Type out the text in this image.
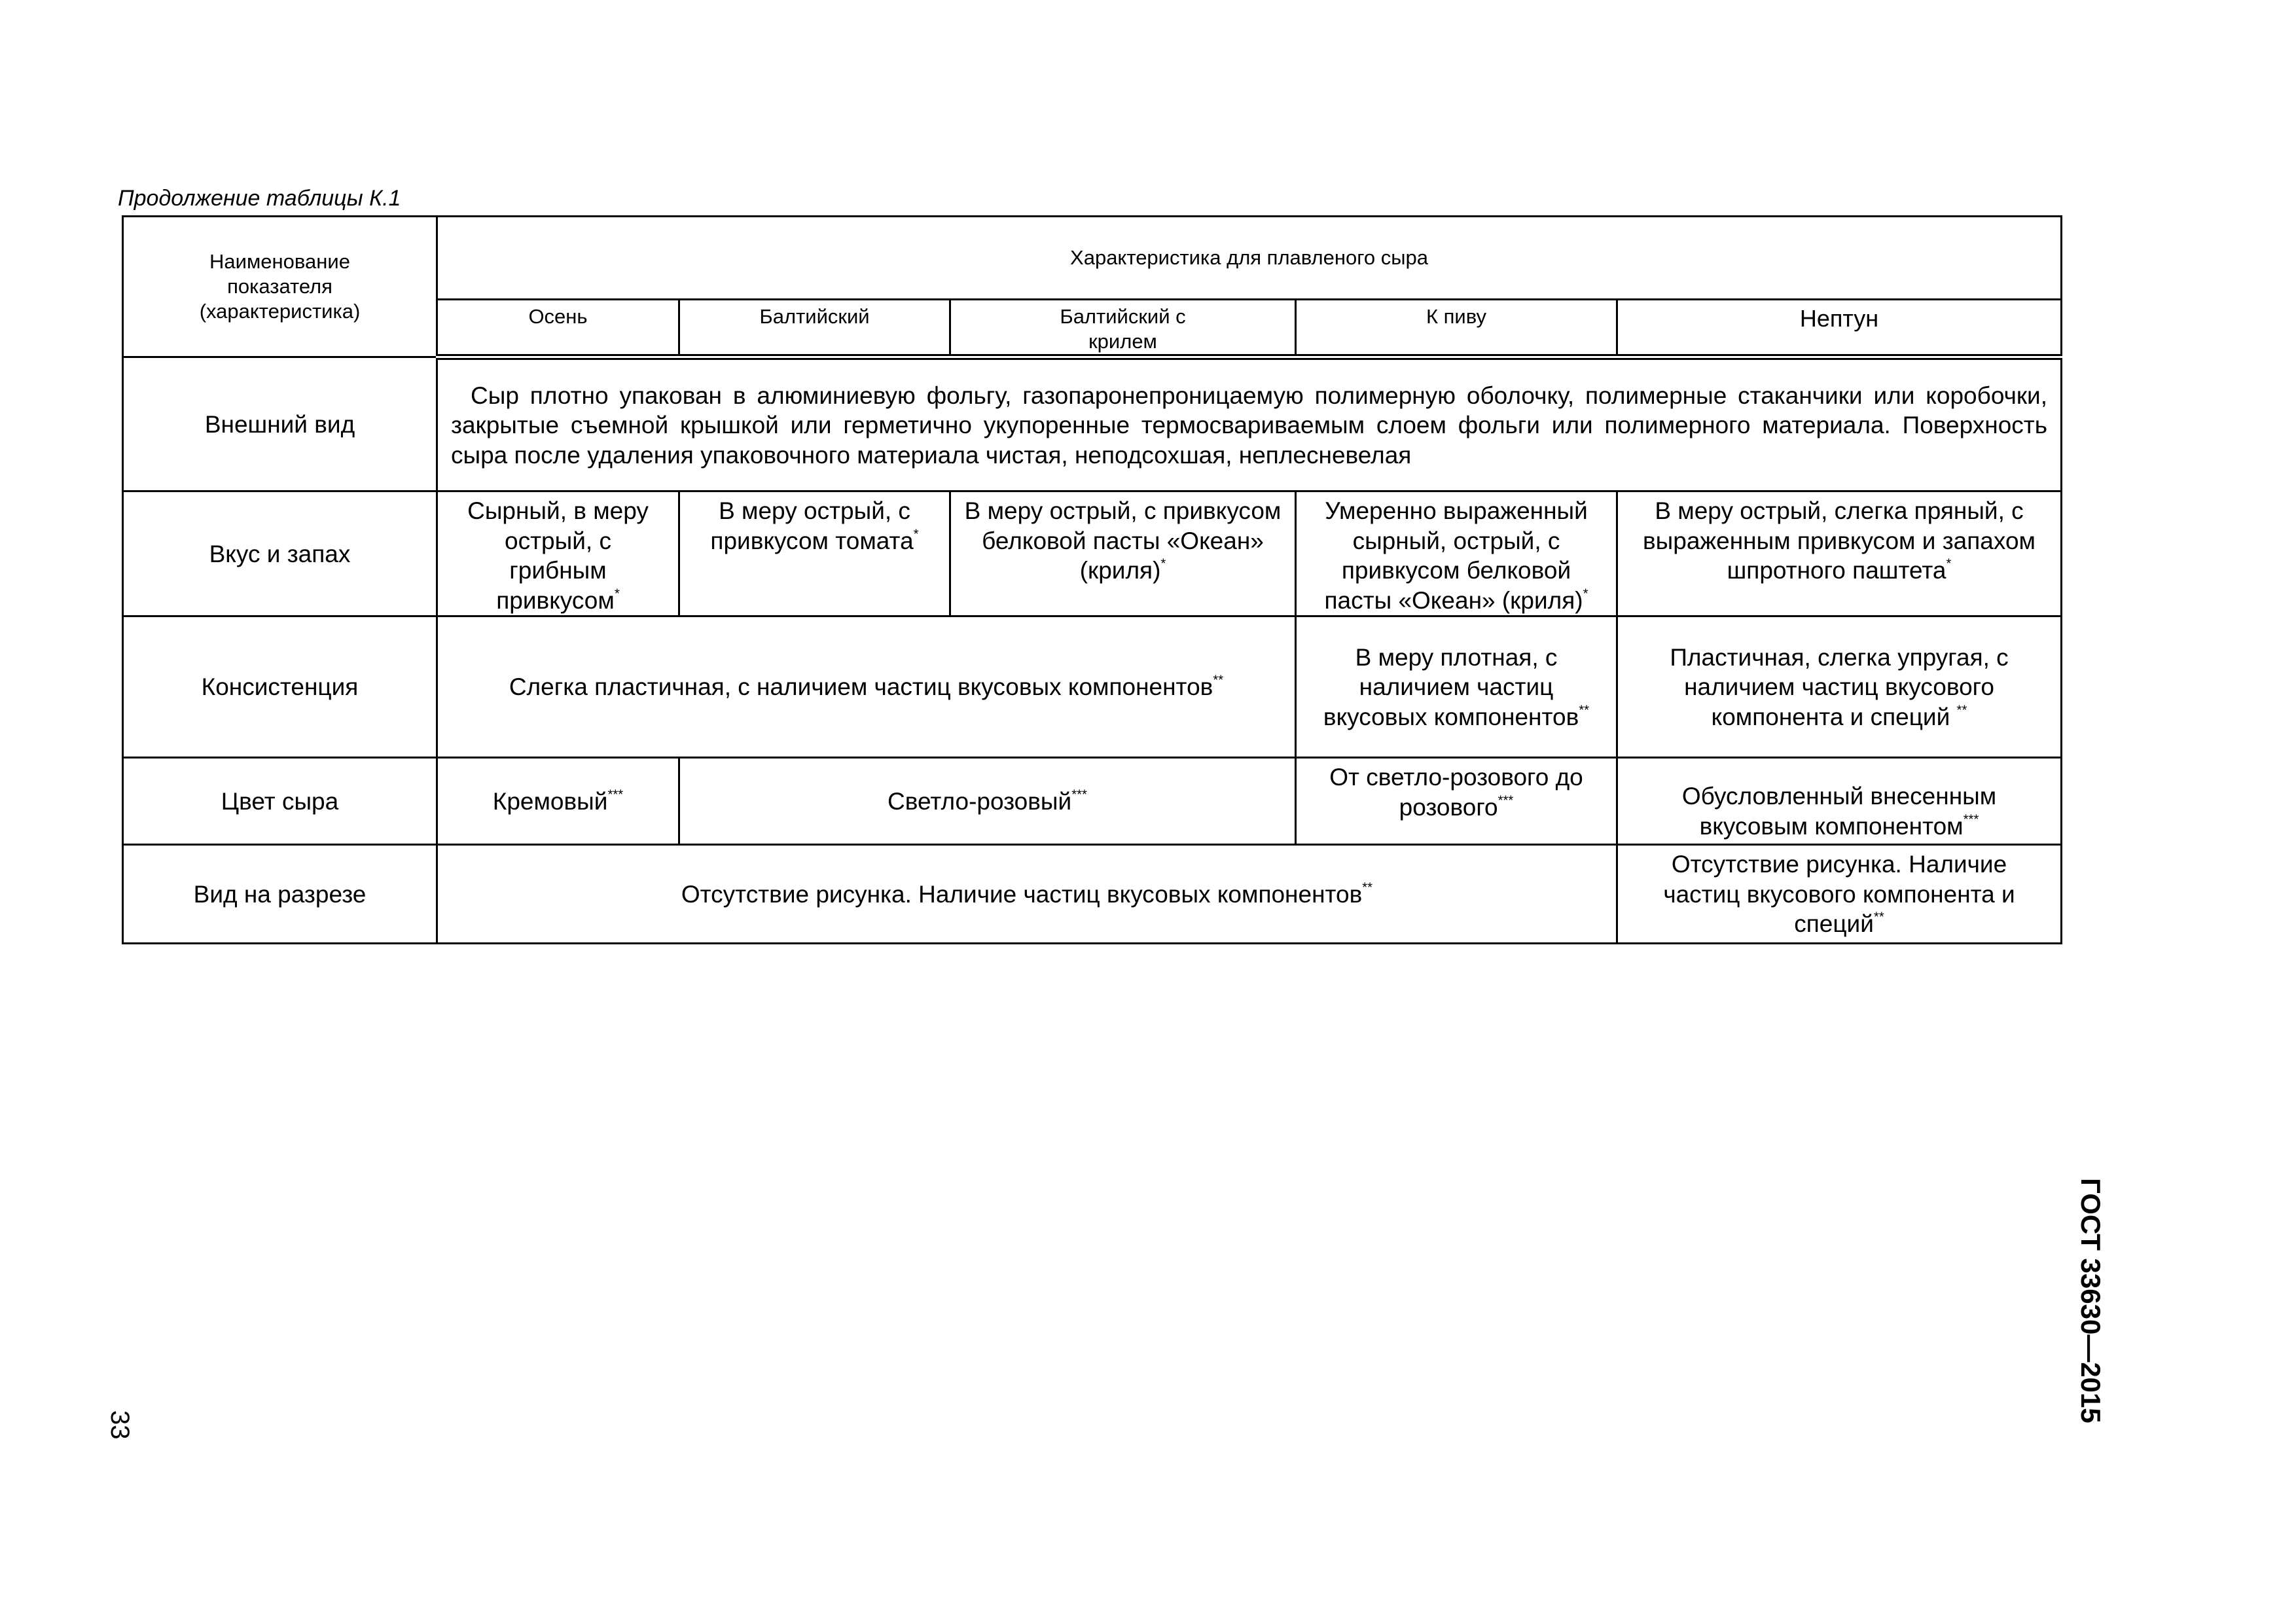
Продолжение таблицы К.1
Наименование показателя (характеристика)	Характеристика для плавленого сыра				
	Осень	Балтийский	Балтийский с крилем	К пиву	Нептун
Внешний вид	Сыр плотно упакован в алюминиевую фольгу, газопаронепроницаемую полимерную оболочку, полимерные стаканчики или коробочки, закрытые съемной крышкой или герметично укупоренные термосвариваемым слоем фольги или полимерного материала. Поверхность сыра после удаления упаковочного материала чистая, неподсохшая, неплесневелая				
Вкус и запах	Сырный, в меру острый, с грибным привкусом*	В меру острый, с привкусом томата*	В меру острый, с привкусом белковой пасты «Океан» (криля)*	Умеренно выраженный сырный, острый, с привкусом белковой пасты «Океан» (криля)*	В меру острый, слегка пряный, с выраженным привкусом и запахом шпротного паштета*

Консистенция	Слегка пластичная, с наличием частиц вкусовых компонентов**			В меру плотная, с наличием частиц вкусовых компонентов**	Пластичная, слегка упругая, с наличием частиц вкусового компонента и специй **

Цвет сыра	Кремовый***	Светло-розовый***		От светло-розового до розового***	Обусловленный внесенным вкусовым компонентом***

Вид на разрезе	Отсутствие рисунка. Наличие частиц вкусовых компонентов**				Отсутствие рисунка. Наличие частиц вкусового компонента и специй**
33
ГОСТ 33630—2015
